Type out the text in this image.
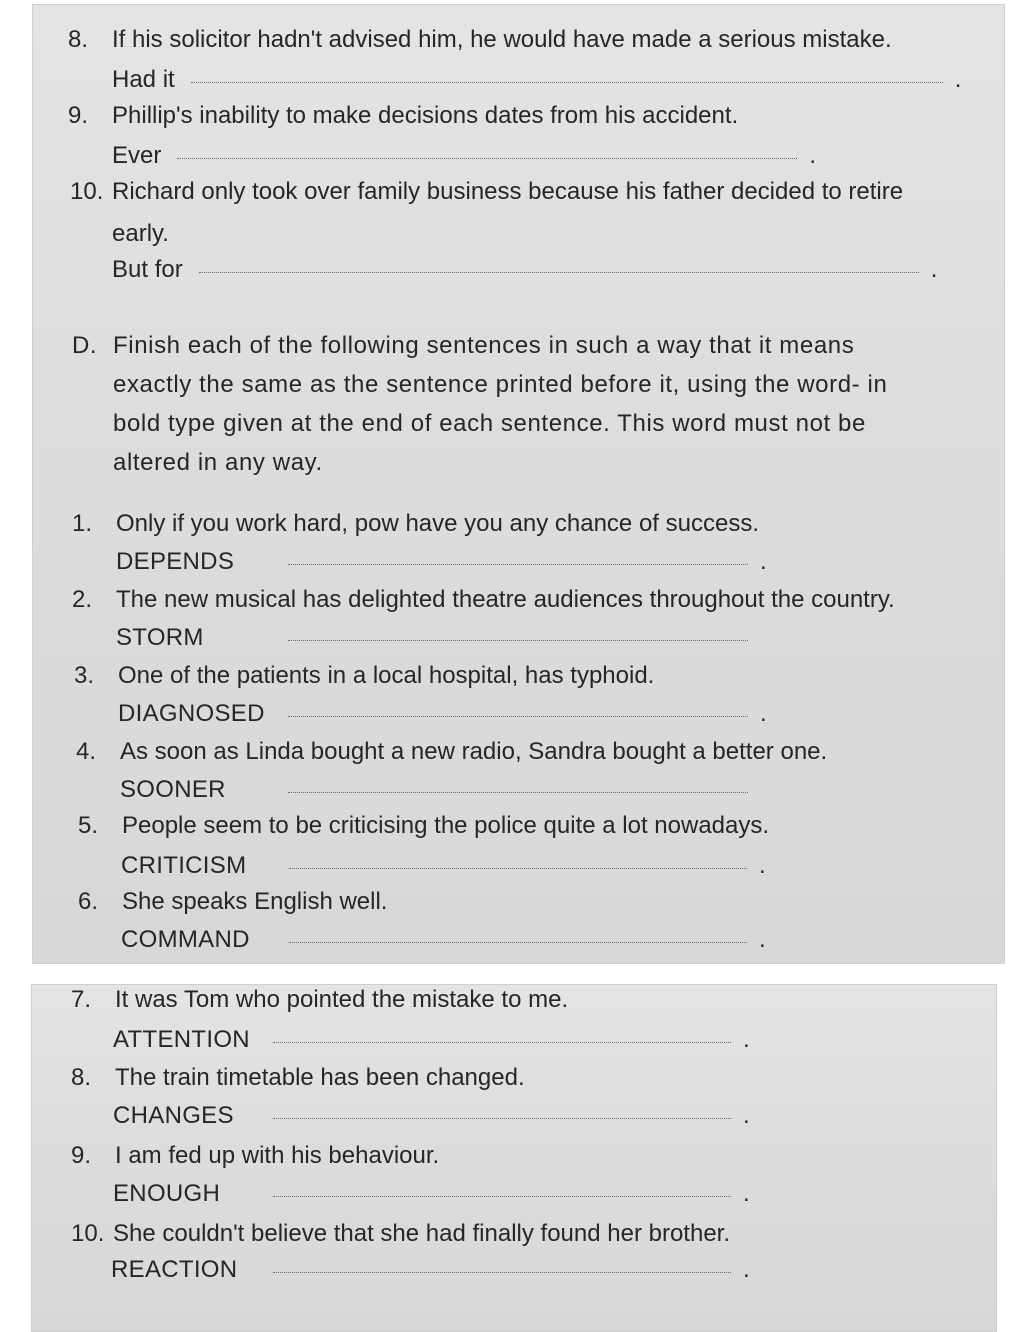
8. If his solicitor hadn't advised him, he would have made a serious mistake.
Had it	.
9. Phillip's inability to make decisions dates from his accident.
Ever	.
10. Richard only took over family business because his father decided to retire
early.
But for	.
D. Finish each of the following sentences in such a way that it means
exactly the same as the sentence printed before it, using the word- in
bold type given at the end of each sentence. This word must not be
altered in any way.
1. Only if you work hard, pow have you any chance of success.
DEPENDS	.
2. The new musical has delighted theatre audiences throughout the country.
STORM
3. One of the patients in a local hospital, has typhoid.
DIAGNOSED	.
4. As soon as Linda bought a new radio, Sandra bought a better one.
SOONER
5. People seem to be criticising the police quite a lot nowadays.
CRITICISM	.
6. She speaks English well.
COMMAND	.
7. It was Tom who pointed the mistake to me.
ATTENTION	.
8. The train timetable has been changed.
CHANGES	.
9. I am fed up with his behaviour.
ENOUGH	.
10. She couldn't believe that she had finally found her brother.
REACTION	.
